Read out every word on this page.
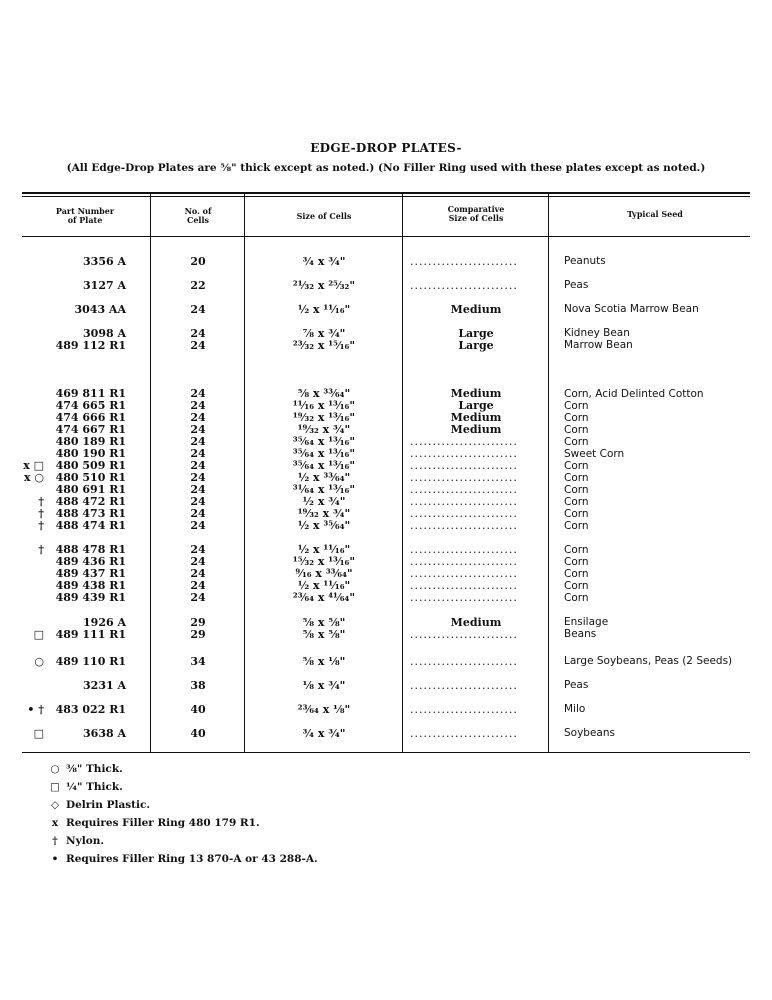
EDGE-DROP PLATES-
(All Edge-Drop Plates are ⅝" thick except as noted.) (No Filler Ring used with these plates except as noted.)
Part Number
of Plate
No. of
Cells	Size of Cells
Comparative
Size of Cells	Typical Seed
3356 A	20	¾ x ¾"	........................	Peanuts
3127 A	22	²¹⁄₃₂ x ²⁵⁄₃₂"	........................	Peas
3043 AA	24	½ x ¹¹⁄₁₆"	Medium	Nova Scotia Marrow Bean
3098 A	24	⅞ x ¾"	Large	Kidney Bean
489 112 R1	24	²³⁄₃₂ x ¹⁵⁄₁₆"	Large	Marrow Bean
469 811 R1	24	⅝ x ³³⁄₆₄"	Medium	Corn, Acid Delinted Cotton
474 665 R1	24	¹¹⁄₁₆ x ¹³⁄₁₆"	Large	Corn
474 666 R1	24	¹⁹⁄₃₂ x ¹³⁄₁₆"	Medium	Corn
474 667 R1	24	¹⁹⁄₃₂ x ¾"	Medium	Corn
480 189 R1	24	³⁵⁄₆₄ x ¹³⁄₁₆"	........................	Corn
480 190 R1	24	³⁵⁄₆₄ x ¹³⁄₁₆"	........................	Sweet Corn
x □	480 509 R1	24	³⁵⁄₆₄ x ¹³⁄₁₆"	........................	Corn
x ○	480 510 R1	24	½ x ³³⁄₆₄"	........................	Corn
480 691 R1	24	³¹⁄₆₄ x ¹³⁄₁₆"	........................	Corn
†	488 472 R1	24	½ x ¾"	........................	Corn
†	488 473 R1	24	¹⁹⁄₃₂ x ¾"	........................	Corn
†	488 474 R1	24	½ x ³⁵⁄₆₄"	........................	Corn
†	488 478 R1	24	½ x ¹¹⁄₁₆"	........................	Corn
489 436 R1	24	¹⁵⁄₃₂ x ¹³⁄₁₆"	........................	Corn
489 437 R1	24	⁹⁄₁₆ x ³³⁄₆₄"	........................	Corn
489 438 R1	24	½ x ¹¹⁄₁₆"	........................	Corn
489 439 R1	24	²³⁄₆₄ x ⁴¹⁄₆₄"	........................	Corn
1926 A	29	⅝ x ⅝"	Medium	Ensilage
□	489 111 R1	29	⅝ x ⅝"	........................	Beans
○	489 110 R1	34	⅝ x ⅛"	........................	Large Soybeans, Peas (2 Seeds)
3231 A	38	⅛ x ¾"	........................	Peas
• †	483 022 R1	40	²³⁄₆₄ x ⅛"	........................	Milo
□	3638 A	40	¾ x ¾"	........................	Soybeans
○ ⅜" Thick.
□ ¼" Thick.
◇ Delrin Plastic.
x Requires Filler Ring 480 179 R1.
† Nylon.
• Requires Filler Ring 13 870-A or 43 288-A.
